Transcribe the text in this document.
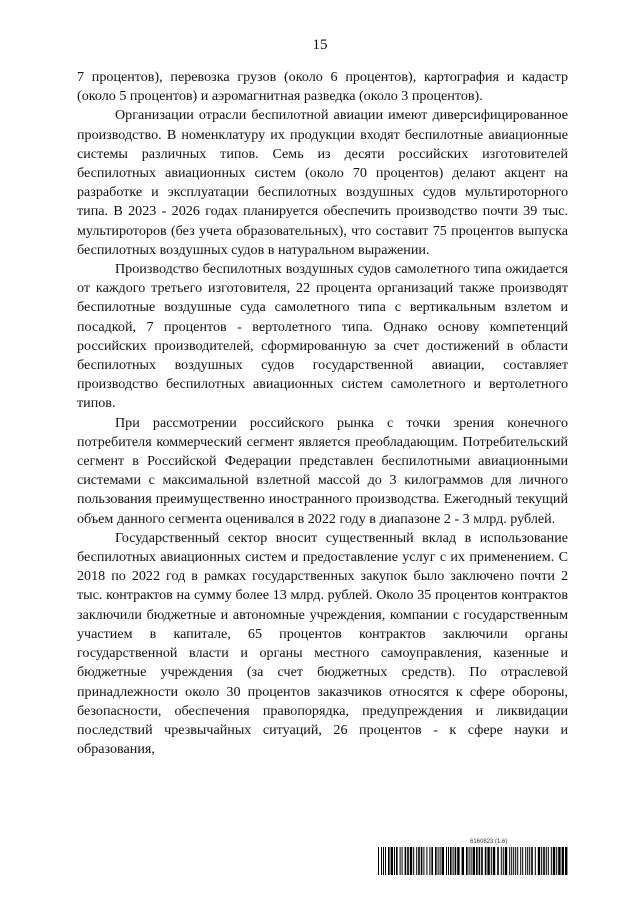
15

7 процентов), перевозка грузов (около 6 процентов), картография и кадастр (около 5 процентов) и аэромагнитная разведка (около 3 процентов).

Организации отрасли беспилотной авиации имеют диверсифицированное производство. В номенклатуру их продукции входят беспилотные авиационные системы различных типов. Семь из десяти российских изготовителей беспилотных авиационных систем (около 70 процентов) делают акцент на разработке и эксплуатации беспилотных воздушных судов мультироторного типа. В 2023 - 2026 годах планируется обеспечить производство почти 39 тыс. мультироторов (без учета образовательных), что составит 75 процентов выпуска беспилотных воздушных судов в натуральном выражении.

Производство беспилотных воздушных судов самолетного типа ожидается от каждого третьего изготовителя, 22 процента организаций также производят беспилотные воздушные суда самолетного типа с вертикальным взлетом и посадкой, 7 процентов - вертолетного типа. Однако основу компетенций российских производителей, сформированную за счет достижений в области беспилотных воздушных судов государственной авиации, составляет производство беспилотных авиационных систем самолетного и вертолетного типов.

При рассмотрении российского рынка с точки зрения конечного потребителя коммерческий сегмент является преобладающим. Потребительский сегмент в Российской Федерации представлен беспилотными авиационными системами с максимальной взлетной массой до 3 килограммов для личного пользования преимущественно иностранного производства. Ежегодный текущий объем данного сегмента оценивался в 2022 году в диапазоне 2 - 3 млрд. рублей.

Государственный сектор вносит существенный вклад в использование беспилотных авиационных систем и предоставление услуг с их применением. С 2018 по 2022 год в рамках государственных закупок было заключено почти 2 тыс. контрактов на сумму более 13 млрд. рублей. Около 35 процентов контрактов заключили бюджетные и автономные учреждения, компании с государственным участием в капитале, 65 процентов контрактов заключили органы государственной власти и органы местного самоуправления, казенные и бюджетные учреждения (за счет бюджетных средств). По отраслевой принадлежности около 30 процентов заказчиков относятся к сфере обороны, безопасности, обеспечения правопорядка, предупреждения и ликвидации последствий чрезвычайных ситуаций, 26 процентов - к сфере науки и образования,

6160823 (1.6)
